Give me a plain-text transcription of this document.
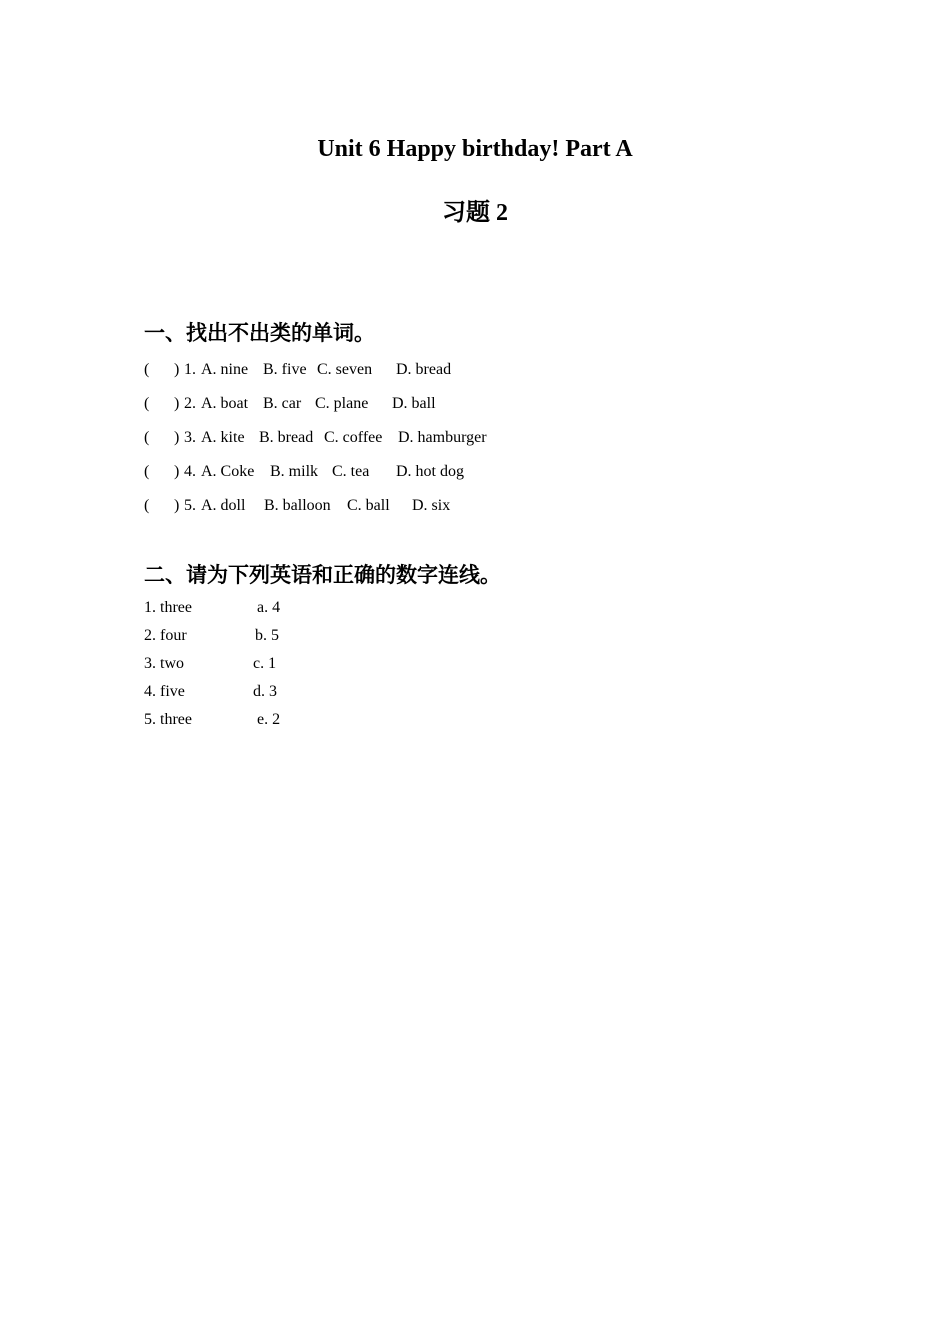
Unit 6 Happy birthday! Part A
习题 2
一、找出不出类的单词。
( ) 1. A. nine B. five C. seven D. bread
( ) 2. A. boat B. car C. plane D. ball
( ) 3. A. kite B. bread C. coffee D. hamburger
( ) 4. A. Coke B. milk C. tea D. hot dog
( ) 5. A. doll B. balloon C. ball D. six
二、请为下列英语和正确的数字连线。
1. three	a. 4
2. four	b. 5
3. two	c. 1
4. five	d. 3
5. three	e. 2
